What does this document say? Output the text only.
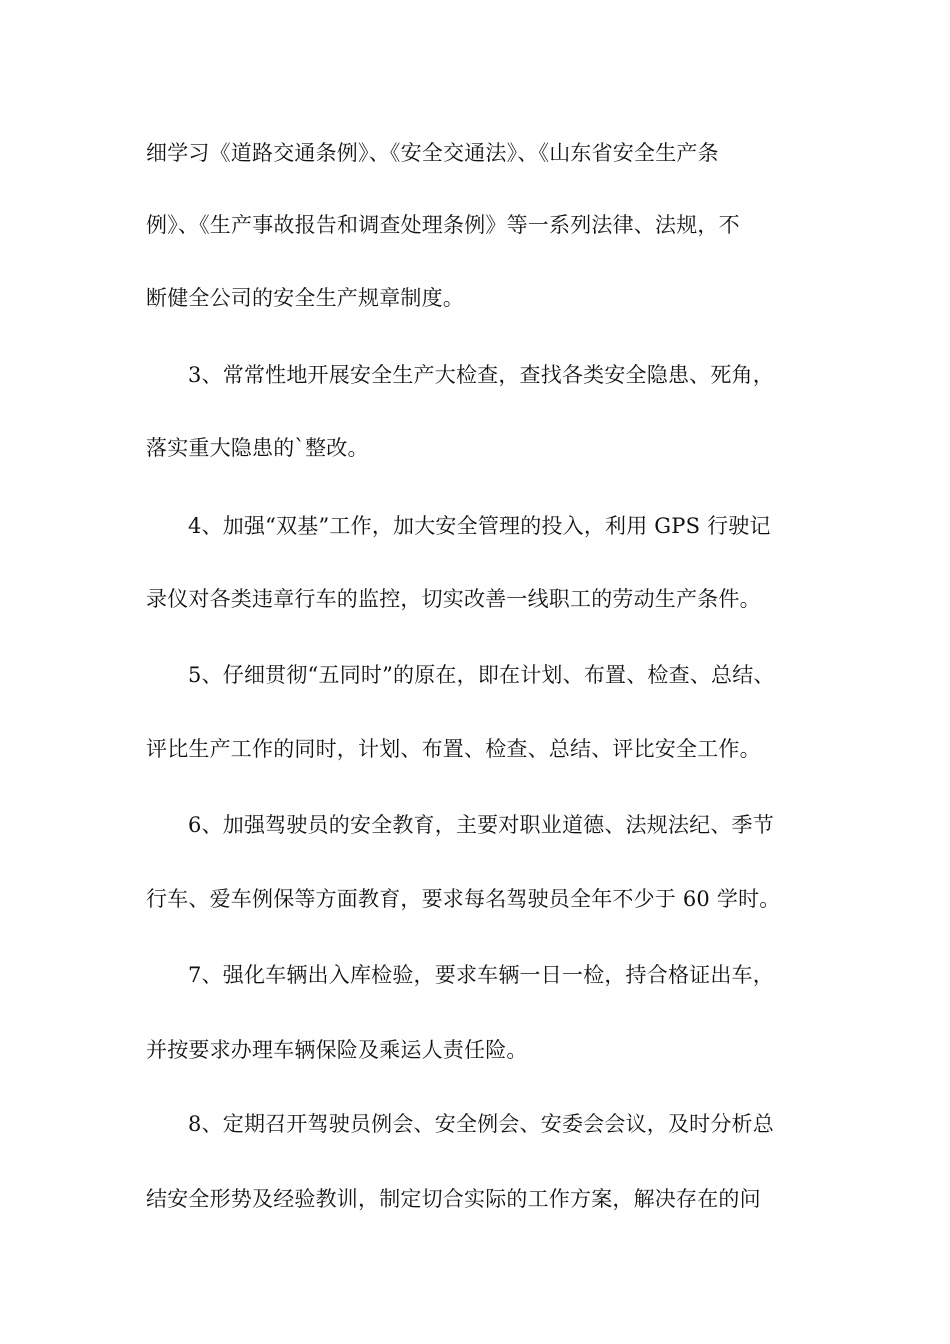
细学习《道路交通条例》、《安全交通法》、《山东省安全生产条
例》、《生产事故报告和调查处理条例》等一系列法律、法规，不
断健全公司的安全生产规章制度。
3、常常性地开展安全生产大检查，查找各类安全隐患、死角，
落实重大隐患的`整改。
4、加强“双基”工作，加大安全管理的投入，利用 GPS 行驶记
录仪对各类违章行车的监控，切实改善一线职工的劳动生产条件。
5、仔细贯彻“五同时”的原在，即在计划、布置、检查、总结、
评比生产工作的同时，计划、布置、检查、总结、评比安全工作。
6、加强驾驶员的安全教育，主要对职业道德、法规法纪、季节
行车、爱车例保等方面教育，要求每名驾驶员全年不少于 60 学时。
7、强化车辆出入库检验，要求车辆一日一检，持合格证出车，
并按要求办理车辆保险及乘运人责任险。
8、定期召开驾驶员例会、安全例会、安委会会议，及时分析总
结安全形势及经验教训，制定切合实际的工作方案，解决存在的问
